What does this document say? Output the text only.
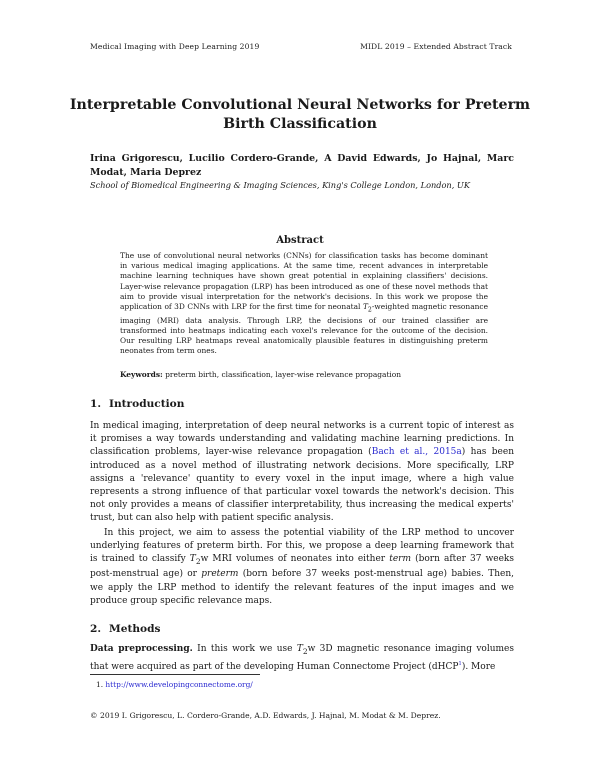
Medical Imaging with Deep Learning 2019	MIDL 2019 – Extended Abstract Track
Interpretable Convolutional Neural Networks for Preterm
Birth Classification
Irina Grigorescu, Lucilio Cordero-Grande, A David Edwards, Jo Hajnal, Marc Modat, Maria Deprez
School of Biomedical Engineering & Imaging Sciences, King's College London, London, UK
Abstract
The use of convolutional neural networks (CNNs) for classification tasks has become dominant in various medical imaging applications. At the same time, recent advances in interpretable machine learning techniques have shown great potential in explaining classifiers' decisions. Layer-wise relevance propagation (LRP) has been introduced as one of these novel methods that aim to provide visual interpretation for the network's decisions. In this work we propose the application of 3D CNNs with LRP for the first time for neonatal $T_2$-weighted magnetic resonance imaging (MRI) data analysis. Through LRP, the decisions of our trained classifier are transformed into heatmaps indicating each voxel's relevance for the outcome of the decision. Our resulting LRP heatmaps reveal anatomically plausible features in distinguishing preterm neonates from term ones.
Keywords: preterm birth, classification, layer-wise relevance propagation
1. Introduction
In medical imaging, interpretation of deep neural networks is a current topic of interest as it promises a way towards understanding and validating machine learning predictions. In classification problems, layer-wise relevance propagation (Bach et al., 2015a) has been introduced as a novel method of illustrating network decisions. More specifically, LRP assigns a 'relevance' quantity to every voxel in the input image, where a high value represents a strong influence of that particular voxel towards the network's decision. This not only provides a means of classifier interpretability, thus increasing the medical experts' trust, but can also help with patient specific analysis.
In this project, we aim to assess the potential viability of the LRP method to uncover underlying features of preterm birth. For this, we propose a deep learning framework that is trained to classify $T_2w$ MRI volumes of neonates into either term (born after 37 weeks post-menstrual age) or preterm (born before 37 weeks post-menstrual age) babies. Then, we apply the LRP method to identify the relevant features of the input images and we produce group specific relevance maps.
2. Methods
Data preprocessing. In this work we use $T_2w$ 3D magnetic resonance imaging volumes that were acquired as part of the developing Human Connectome Project (dHCP$^1$). More
1. http://www.developingconnectome.org/
© 2019 I. Grigorescu, L. Cordero-Grande, A.D. Edwards, J. Hajnal, M. Modat & M. Deprez.
